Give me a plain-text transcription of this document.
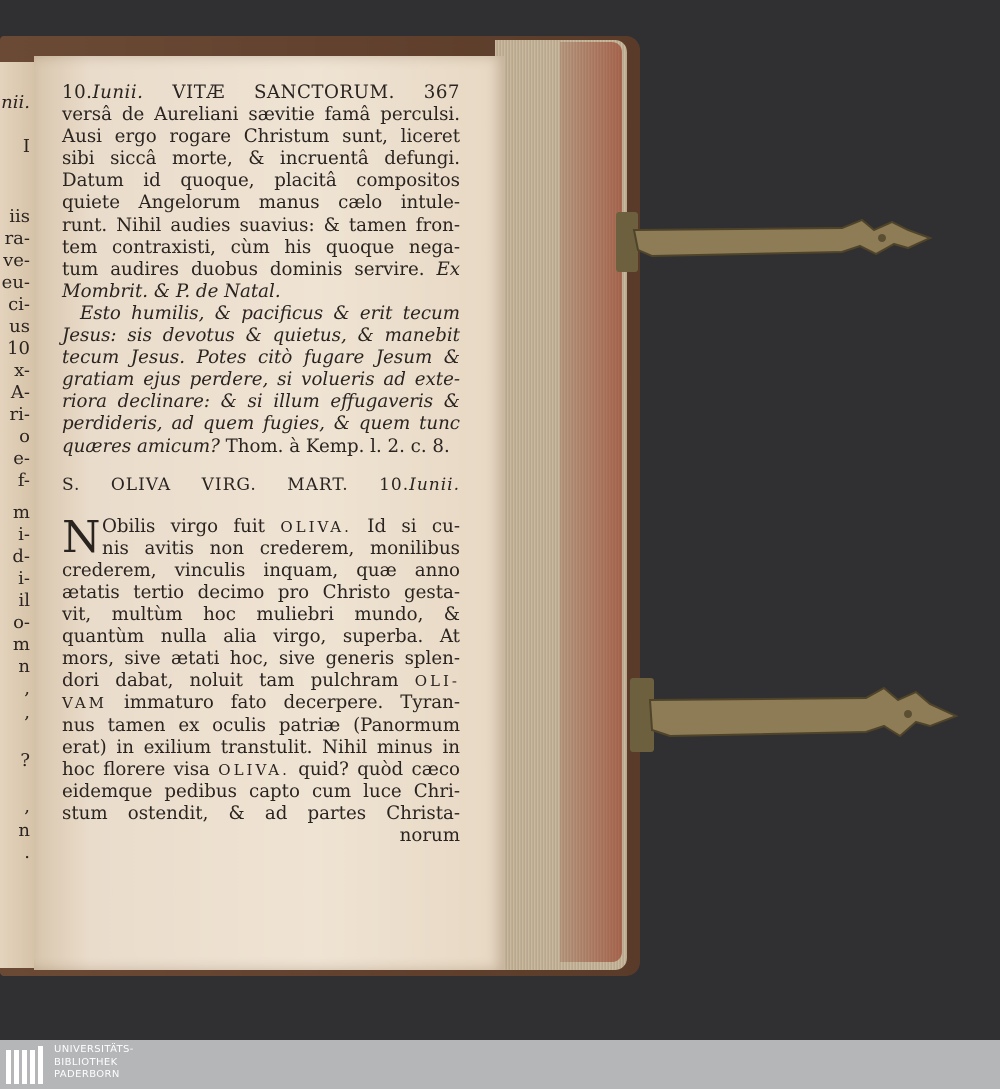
nii.
I
iis
ra-
ve-
eu-
ci-
us
10
x-
A-
ri-
o
e-
f-
m
i-
d-
i-
il
o-
m
n
,
,
?
,
n
.
10.Iunii. VITÆ SANCTORUM. 367
versâ de Aureliani sævitie famâ perculsi.
Ausi ergo rogare Christum sunt, liceret
sibi siccâ morte, & incruentâ defungi.
Datum id quoque, placitâ compositos
quiete Angelorum manus cælo intule-
runt. Nihil audies suavius: & tamen fron-
tem contraxisti, cùm his quoque nega-
tum audires duobus dominis servire. Ex
Mombrit. & P. de Natal.
Esto humilis, & pacificus & erit tecum
Jesus: sis devotus & quietus, & manebit
tecum Jesus. Potes citò fugare Jesum &
gratiam ejus perdere, si volueris ad exte-
riora declinare: & si illum effugaveris &
perdideris, ad quem fugies, & quem tunc
quæres amicum? Thom. à Kemp. l. 2. c. 8.
S. OLIVA VIRG. MART. 10.Iunii.
N Obilis virgo fuit OLIVA. Id si cu-
nis avitis non crederem, monilibus
crederem, vinculis inquam, quæ anno
ætatis tertio decimo pro Christo gesta-
vit, multùm hoc muliebri mundo, &
quantùm nulla alia virgo, superba. At
mors, sive ætati hoc, sive generis splen-
dori dabat, noluit tam pulchram OLI-
VAM immaturo fato decerpere. Tyran-
nus tamen ex oculis patriæ (Panormum
erat) in exilium transtulit. Nihil minus in
hoc florere visa OLIVA. quid? quòd cæco
eidemque pedibus capto cum luce Chri-
stum ostendit, & ad partes Christa-
norum
UNIVERSITÄTS-
BIBLIOTHEK
PADERBORN
